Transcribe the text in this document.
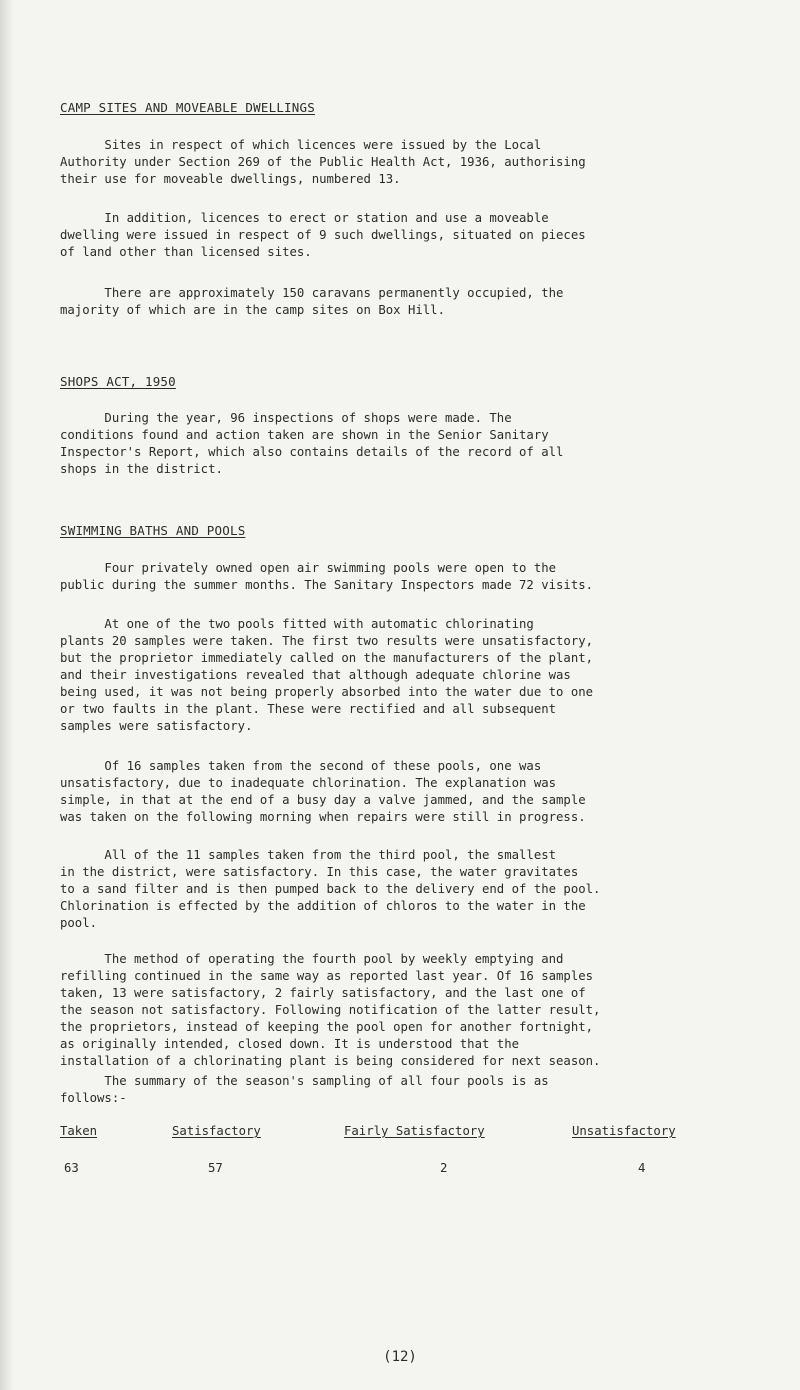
CAMP SITES AND MOVEABLE DWELLINGS
Sites in respect of which licences were issued by the Local
Authority under Section 269 of the Public Health Act, 1936, authorising
their use for moveable dwellings, numbered 13.
In addition, licences to erect or station and use a moveable
dwelling were issued in respect of 9 such dwellings, situated on pieces
of land other than licensed sites.
There are approximately 150 caravans permanently occupied, the
majority of which are in the camp sites on Box Hill.
SHOPS ACT, 1950
During the year, 96 inspections of shops were made. The
conditions found and action taken are shown in the Senior Sanitary
Inspector's Report, which also contains details of the record of all
shops in the district.
SWIMMING BATHS AND POOLS
Four privately owned open air swimming pools were open to the
public during the summer months. The Sanitary Inspectors made 72 visits.
At one of the two pools fitted with automatic chlorinating
plants 20 samples were taken. The first two results were unsatisfactory,
but the proprietor immediately called on the manufacturers of the plant,
and their investigations revealed that although adequate chlorine was
being used, it was not being properly absorbed into the water due to one
or two faults in the plant. These were rectified and all subsequent
samples were satisfactory.
Of 16 samples taken from the second of these pools, one was
unsatisfactory, due to inadequate chlorination. The explanation was
simple, in that at the end of a busy day a valve jammed, and the sample
was taken on the following morning when repairs were still in progress.
All of the 11 samples taken from the third pool, the smallest
in the district, were satisfactory. In this case, the water gravitates
to a sand filter and is then pumped back to the delivery end of the pool.
Chlorination is effected by the addition of chloros to the water in the
pool.
The method of operating the fourth pool by weekly emptying and
refilling continued in the same way as reported last year. Of 16 samples
taken, 13 were satisfactory, 2 fairly satisfactory, and the last one of
the season not satisfactory. Following notification of the latter result,
the proprietors, instead of keeping the pool open for another fortnight,
as originally intended, closed down. It is understood that the
installation of a chlorinating plant is being considered for next season.
The summary of the season's sampling of all four pools is as
follows:-
Taken	Satisfactory	Fairly Satisfactory	Unsatisfactory
63	57	2	4
(12)
